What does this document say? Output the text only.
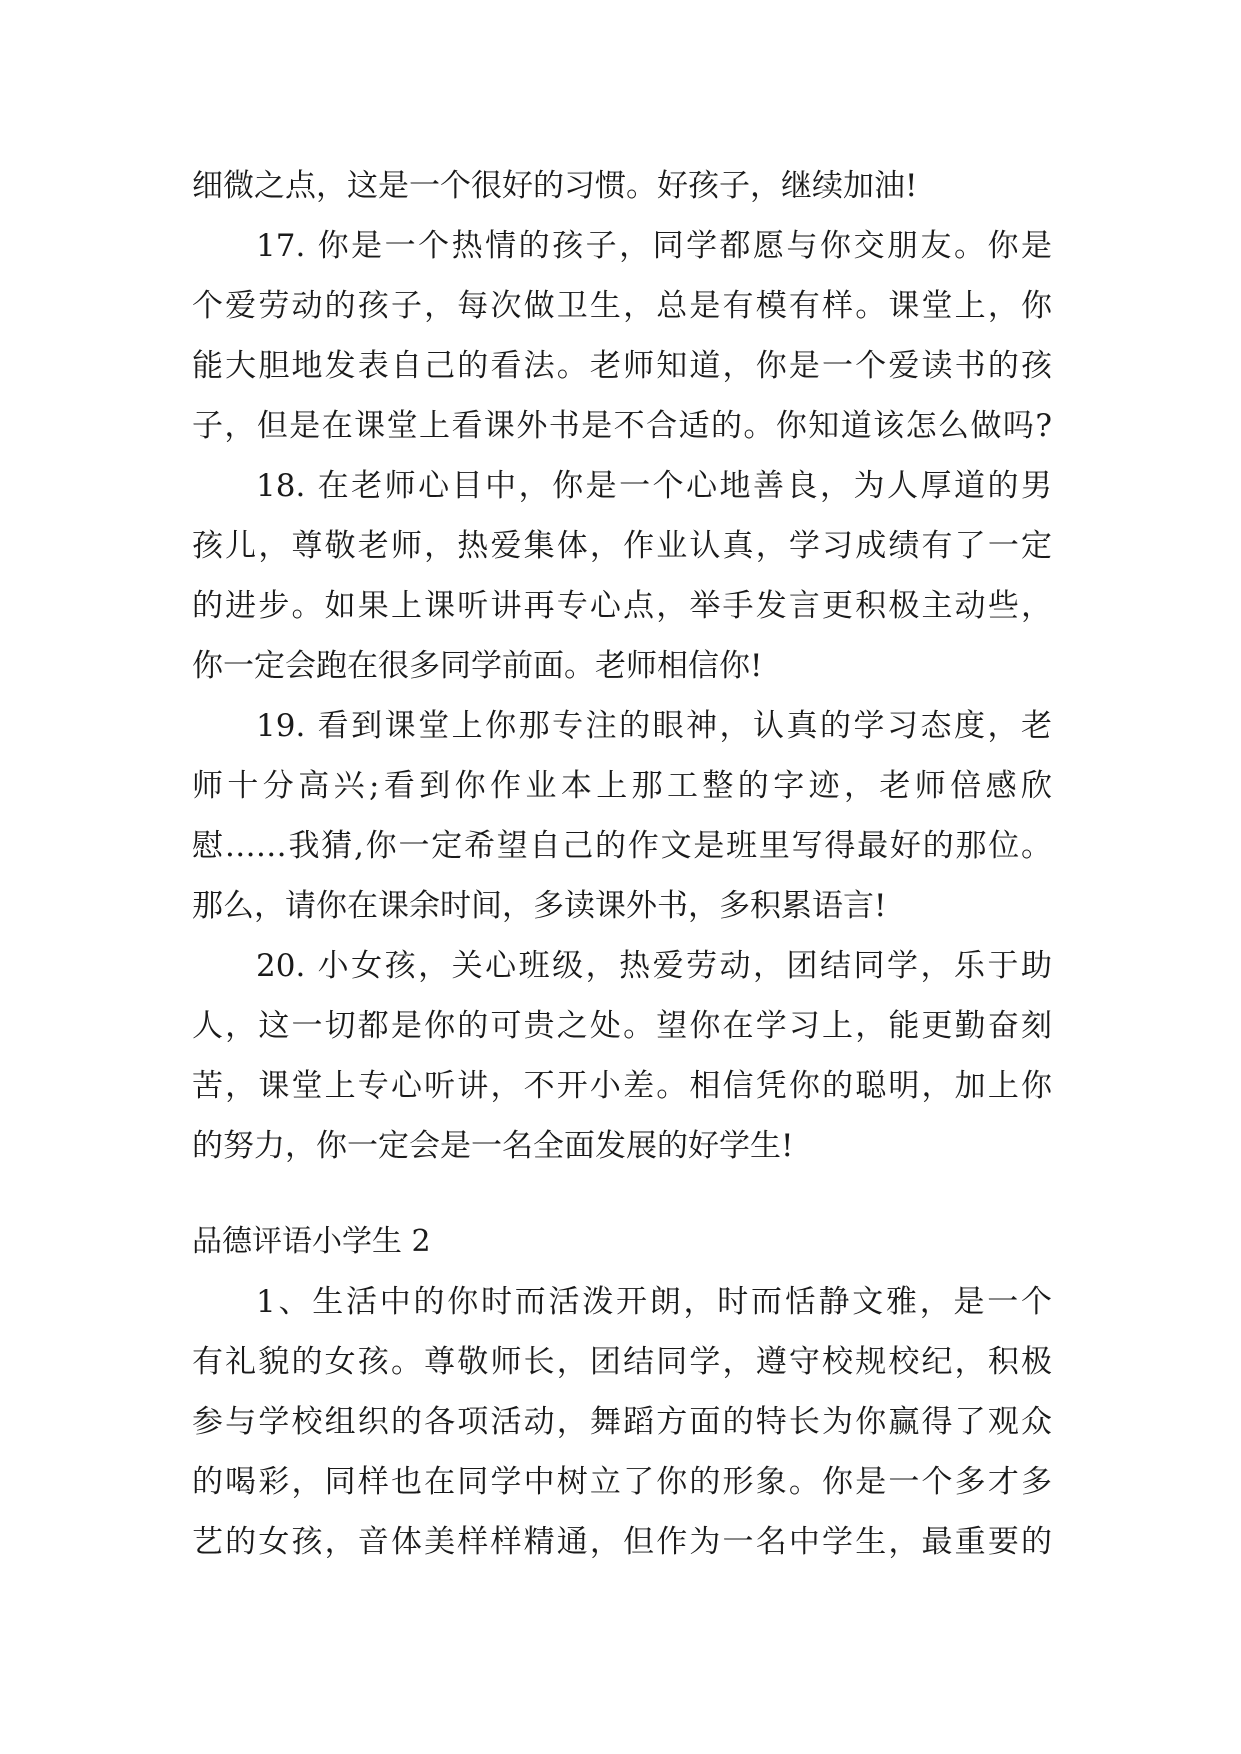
细微之点，这是一个很好的习惯。好孩子，继续加油!
17. 你是一个热情的孩子，同学都愿与你交朋友。你是
个爱劳动的孩子，每次做卫生，总是有模有样。课堂上，你
能大胆地发表自己的看法。老师知道，你是一个爱读书的孩
子，但是在课堂上看课外书是不合适的。你知道该怎么做吗?
18. 在老师心目中，你是一个心地善良，为人厚道的男
孩儿，尊敬老师，热爱集体，作业认真，学习成绩有了一定
的进步。如果上课听讲再专心点，举手发言更积极主动些，
你一定会跑在很多同学前面。老师相信你!
19. 看到课堂上你那专注的眼神，认真的学习态度，老
师十分高兴;看到你作业本上那工整的字迹，老师倍感欣
慰……我猜,你一定希望自己的作文是班里写得最好的那位。
那么，请你在课余时间，多读课外书，多积累语言!
20. 小女孩，关心班级，热爱劳动，团结同学，乐于助
人，这一切都是你的可贵之处。望你在学习上，能更勤奋刻
苦，课堂上专心听讲，不开小差。相信凭你的聪明，加上你
的努力，你一定会是一名全面发展的好学生!
品德评语小学生 2
1、生活中的你时而活泼开朗，时而恬静文雅，是一个
有礼貌的女孩。尊敬师长，团结同学，遵守校规校纪，积极
参与学校组织的各项活动，舞蹈方面的特长为你赢得了观众
的喝彩，同样也在同学中树立了你的形象。你是一个多才多
艺的女孩，音体美样样精通，但作为一名中学生，最重要的
